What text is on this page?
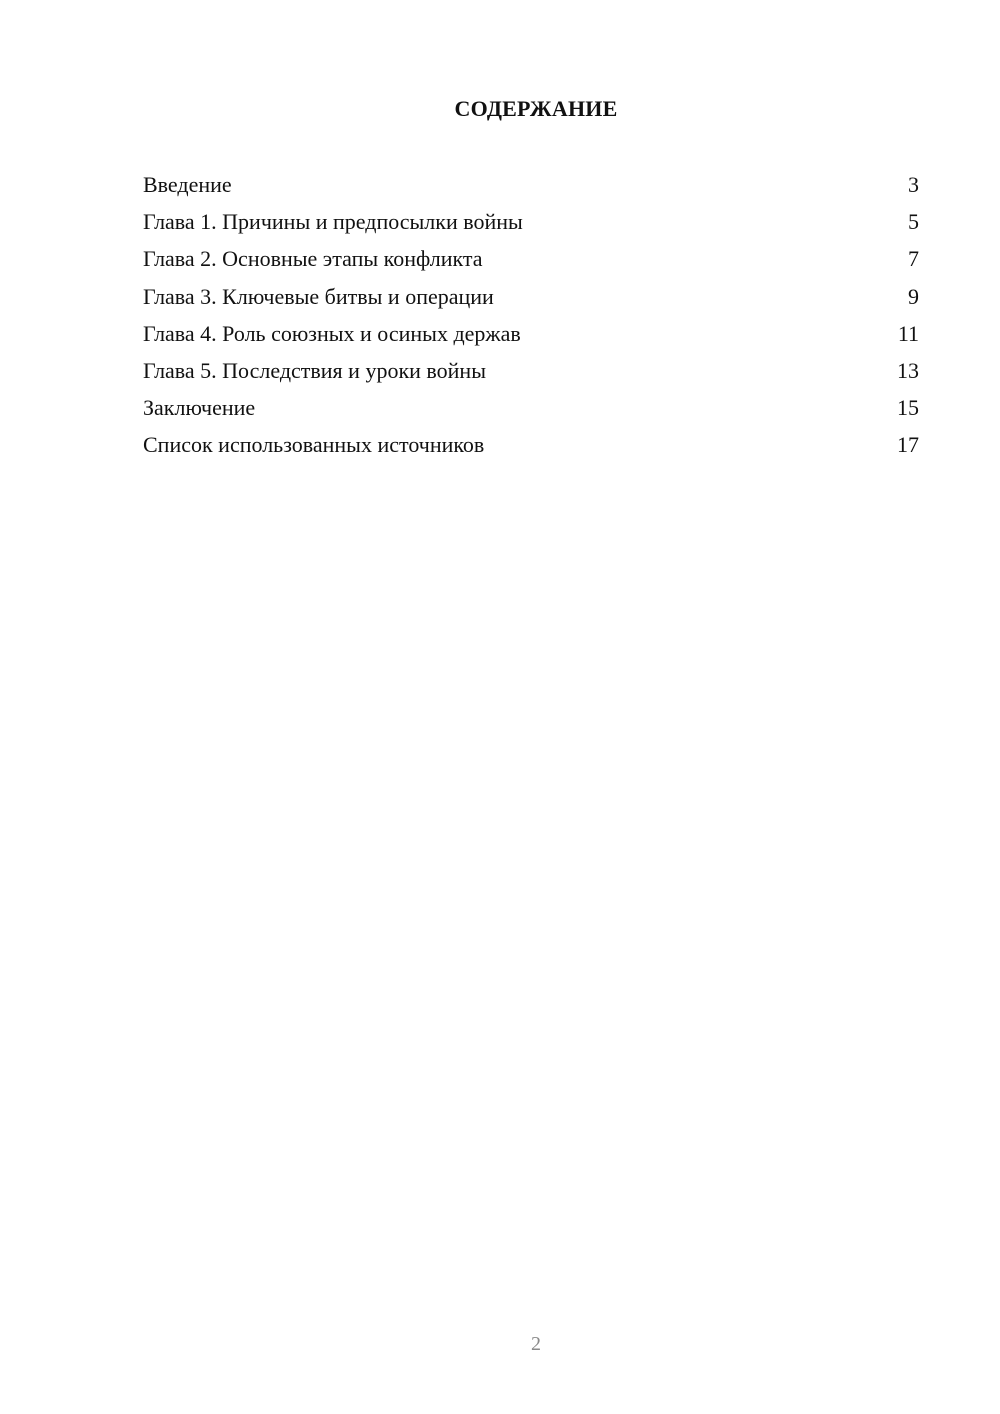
СОДЕРЖАНИЕ
Введение	3
Глава 1. Причины и предпосылки войны	5
Глава 2. Основные этапы конфликта	7
Глава 3. Ключевые битвы и операции	9
Глава 4. Роль союзных и осиных держав	11
Глава 5. Последствия и уроки войны	13
Заключение	15
Список использованных источников	17
2
